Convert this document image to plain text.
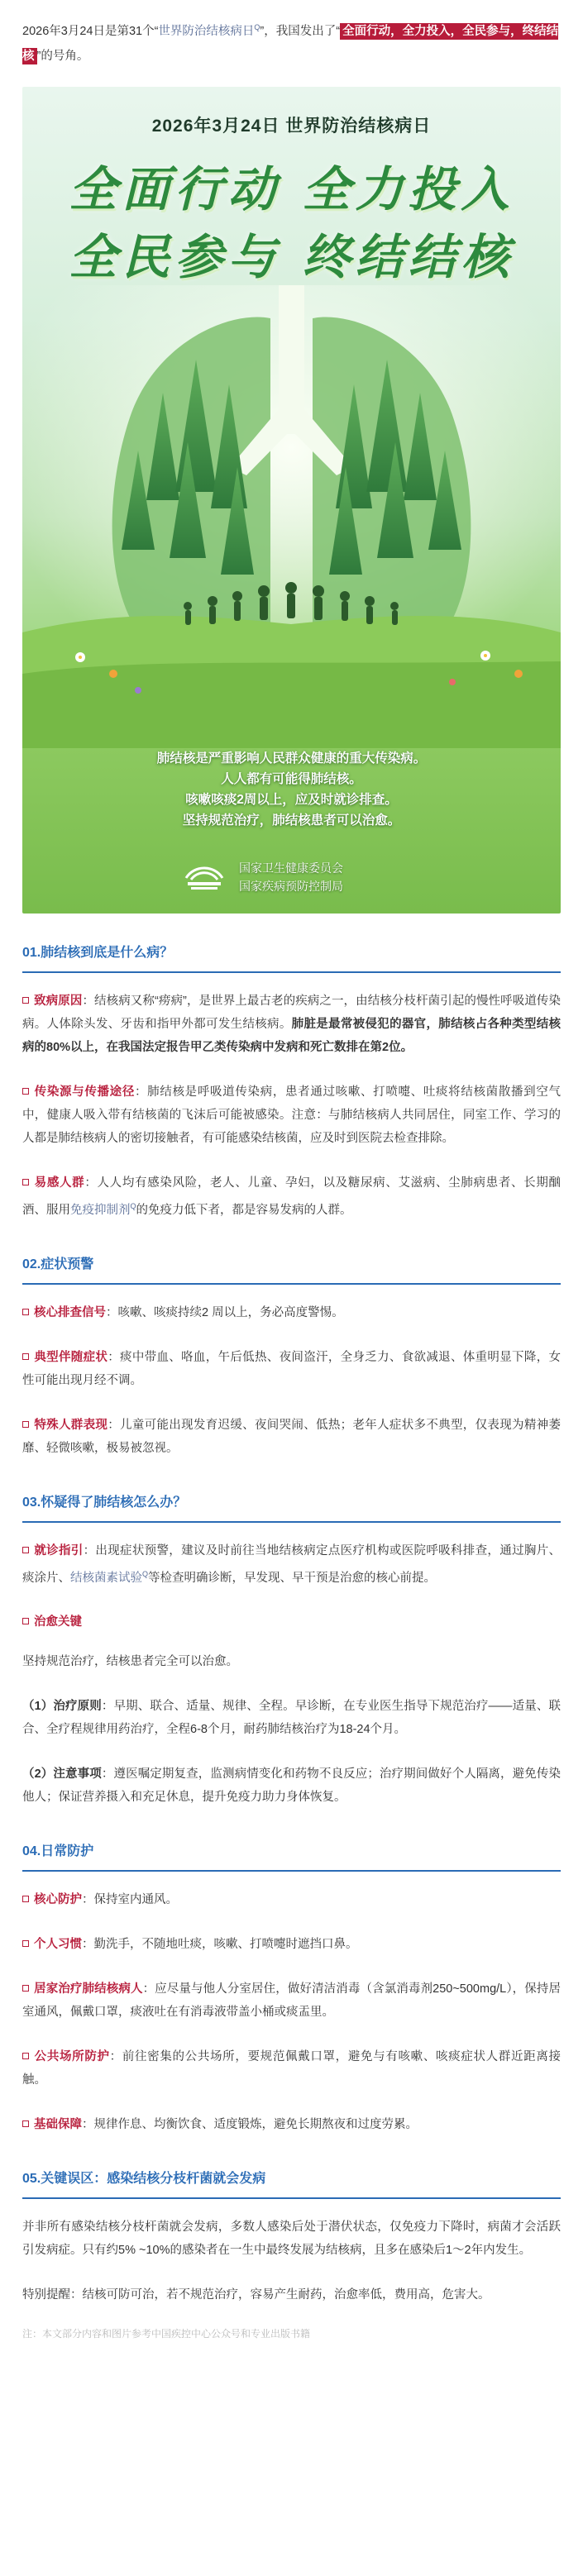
2026年3月24日是第31个“世界防治结核病日$^Q$”，我国发出了“ 全面行动，全力投入，全民参与，终结结核 ”的号角。

2026年3月24日 世界防治结核病日
全面行动 全力投入
全民参与 终结结核
肺结核是严重影响人民群众健康的重大传染病。
人人都有可能得肺结核。
咳嗽咳痰2周以上，应及时就诊排查。
坚持规范治疗，肺结核患者可以治愈。
国家卫生健康委员会
国家疾病预防控制局
01.肺结核到底是什么病？

致病原因：结核病又称“痨病”，是世界上最古老的疾病之一，由结核分枝杆菌引起的慢性呼吸道传染病。人体除头发、牙齿和指甲外都可发生结核病。肺脏是最常被侵犯的器官，肺结核占各种类型结核病的80%以上，在我国法定报告甲乙类传染病中发病和死亡数排在第2位。

传染源与传播途径：肺结核是呼吸道传染病，患者通过咳嗽、打喷嚏、吐痰将结核菌散播到空气中，健康人吸入带有结核菌的飞沫后可能被感染。注意：与肺结核病人共同居住，同室工作、学习的人都是肺结核病人的密切接触者，有可能感染结核菌，应及时到医院去检查排除。

易感人群：人人均有感染风险，老人、儿童、孕妇，以及糖尿病、艾滋病、尘肺病患者、长期酗酒、服用免疫抑制剂$^Q$的免疫力低下者，都是容易发病的人群。

02.症状预警

核心排查信号：咳嗽、咳痰持续2 周以上，务必高度警惕。

典型伴随症状：痰中带血、咯血，午后低热、夜间盗汗，全身乏力、食欲减退、体重明显下降，女性可能出现月经不调。

特殊人群表现：儿童可能出现发育迟缓、夜间哭闹、低热；老年人症状多不典型，仅表现为精神萎靡、轻微咳嗽，极易被忽视。

03.怀疑得了肺结核怎么办？

就诊指引：出现症状预警，建议及时前往当地结核病定点医疗机构或医院呼吸科排查，通过胸片、痰涂片、结核菌素试验$^Q$等检查明确诊断，早发现、早干预是治愈的核心前提。

治愈关键

坚持规范治疗，结核患者完全可以治愈。

（1）治疗原则：早期、联合、适量、规律、全程。早诊断，在专业医生指导下规范治疗——适量、联合、全疗程规律用药治疗，全程6-8个月，耐药肺结核治疗为18-24个月。

（2）注意事项：遵医嘱定期复查，监测病情变化和药物不良反应；治疗期间做好个人隔离，避免传染他人；保证营养摄入和充足休息，提升免疫力助力身体恢复。

04.日常防护

核心防护：保持室内通风。

个人习惯：勤洗手，不随地吐痰，咳嗽、打喷嚏时遮挡口鼻。

居家治疗肺结核病人：应尽量与他人分室居住，做好清洁消毒（含氯消毒剂250~500mg/L），保持居室通风，佩戴口罩，痰液吐在有消毒液带盖小桶或痰盂里。

公共场所防护：前往密集的公共场所，要规范佩戴口罩，避免与有咳嗽、咳痰症状人群近距离接触。

基础保障：规律作息、均衡饮食、适度锻炼，避免长期熬夜和过度劳累。

05.关键误区：感染结核分枝杆菌就会发病

并非所有感染结核分枝杆菌就会发病，多数人感染后处于潜伏状态，仅免疫力下降时，病菌才会活跃引发病症。只有约5% ~10%的感染者在一生中最终发展为结核病，且多在感染后1～2年内发生。

特别提醒：结核可防可治，若不规范治疗，容易产生耐药，治愈率低，费用高，危害大。

注：本文部分内容和图片参考中国疾控中心公众号和专业出版书籍
